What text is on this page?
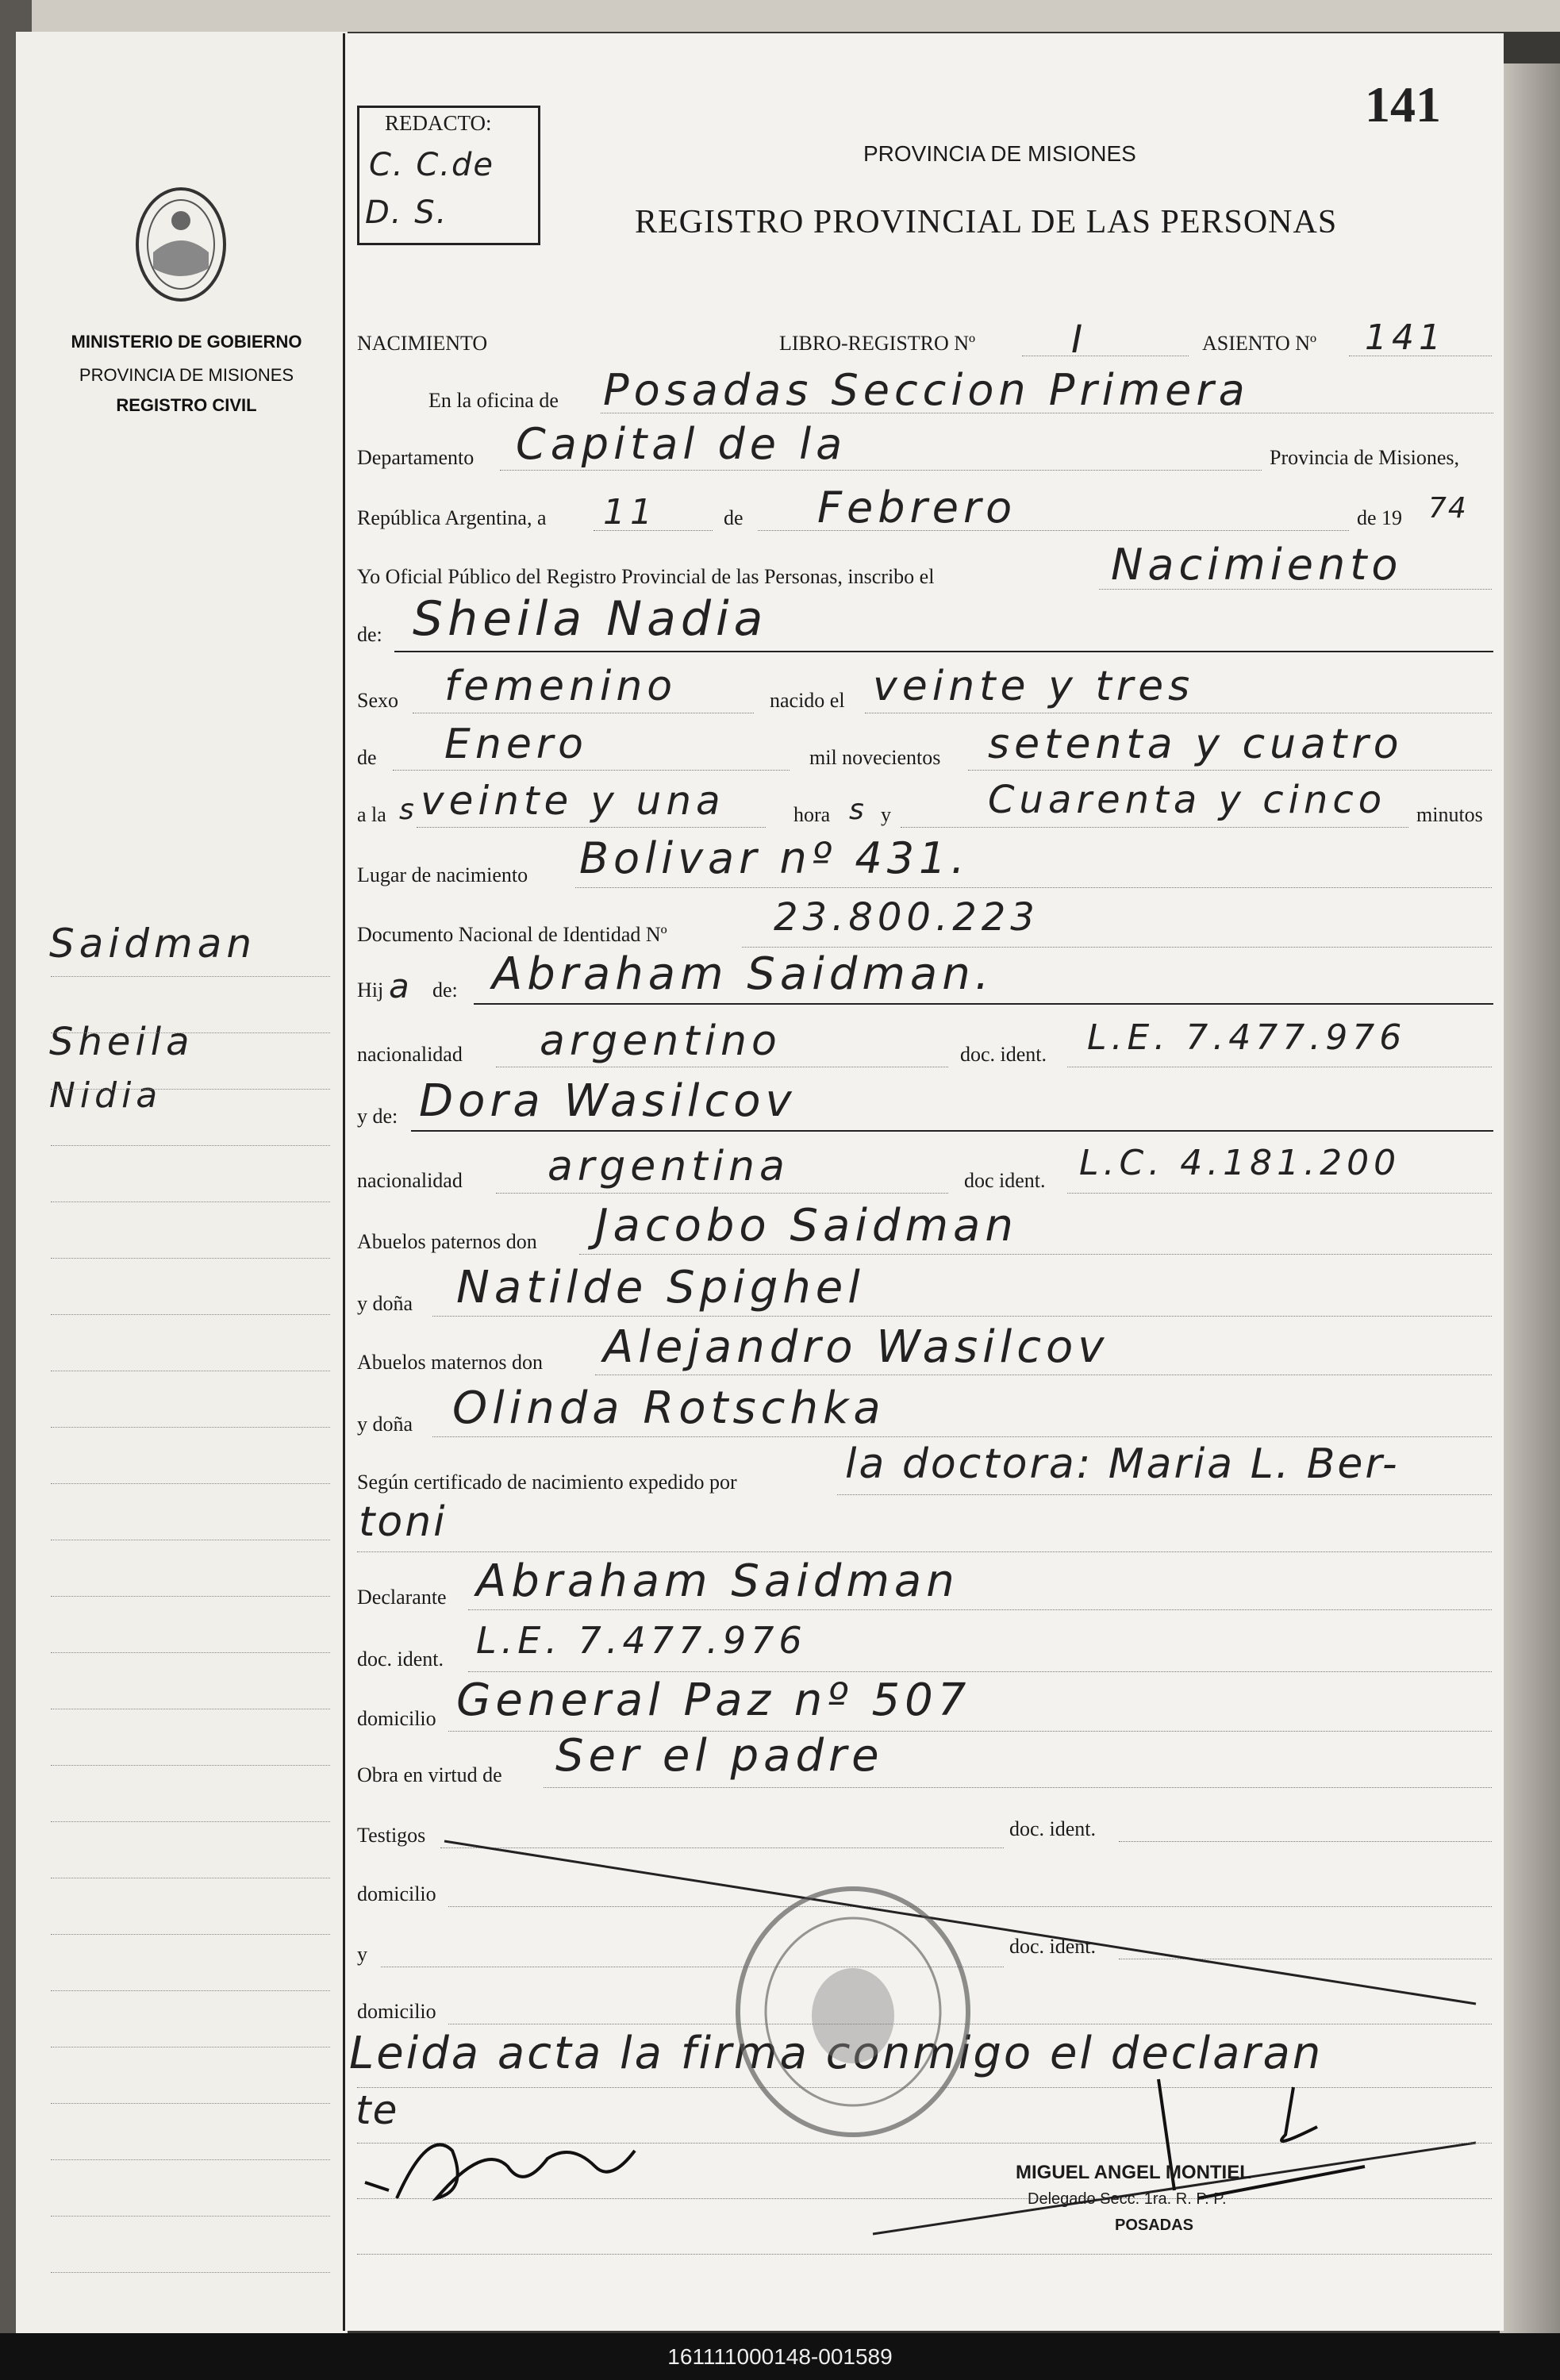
MINISTERIO DE GOBIERNO
PROVINCIA DE MISIONES
REGISTRO CIVIL
Saidman
Sheila
Nidia
REDACTO:
C. C.de
D. S.
141
PROVINCIA DE MISIONES
REGISTRO PROVINCIAL DE LAS PERSONAS
NACIMIENTO	LIBRO-REGISTRO Nº	I	ASIENTO Nº 141
En la oficina de Posadas Seccion Primera
Departamento Capital de la	Provincia de Misiones,
República Argentina, a 11	de Febrero	de 19 74
Yo Oficial Público del Registro Provincial de las Personas, inscribo el	Nacimiento
de: Sheila Nadia
Sexo femenino	nacido el veinte y tres
de Enero	mil novecientos setenta y cuatro
a la s veinte y una	hora s y	Cuarenta y cinco minutos
Lugar de nacimiento Bolivar nº 431.
Documento Nacional de Identidad Nº	23.800.223
Hij a de: Abraham Saidman.
nacionalidad argentino	doc. ident. L.E. 7.477.976
y de: Dora Wasilcov
nacionalidad argentina	doc ident. L.C. 4.181.200
Abuelos paternos don Jacobo Saidman
y doña Natilde Spighel
Abuelos maternos don Alejandro Wasilcov
y doña Olinda Rotschka
Según certificado de nacimiento expedido por	la doctora: Maria L. Ber-
toni
Declarante Abraham Saidman
doc. ident. L.E. 7.477.976
domicilio General Paz nº 507
Obra en virtud de Ser el padre
Testigos	doc. ident.
domicilio
y	doc. ident.
domicilio
Leida acta la firma conmigo el declaran
te
MIGUEL ANGEL MONTIEL
Delegado Secc. 1ra. R. P. P.
POSADAS
161111000148-001589
